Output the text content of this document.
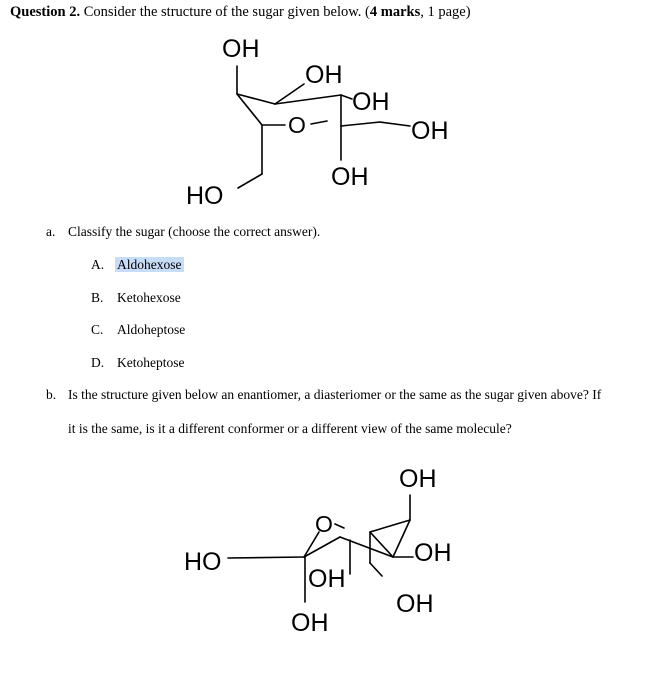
Question 2. Consider the structure of the sugar given below. (4 marks, 1 page)
a. Classify the sugar (choose the correct answer).
A. Aldohexose
B. Ketohexose
C. Aldoheptose
D. Ketoheptose
b. Is the structure given below an enantiomer, a diasteriomer or the same as the sugar given above? If
it is the same, is it a different conformer or a different view of the same molecule?
OH
OH
OH
OH
O
OH
HO
OH
O
HO	OH
OH
OH
OH
